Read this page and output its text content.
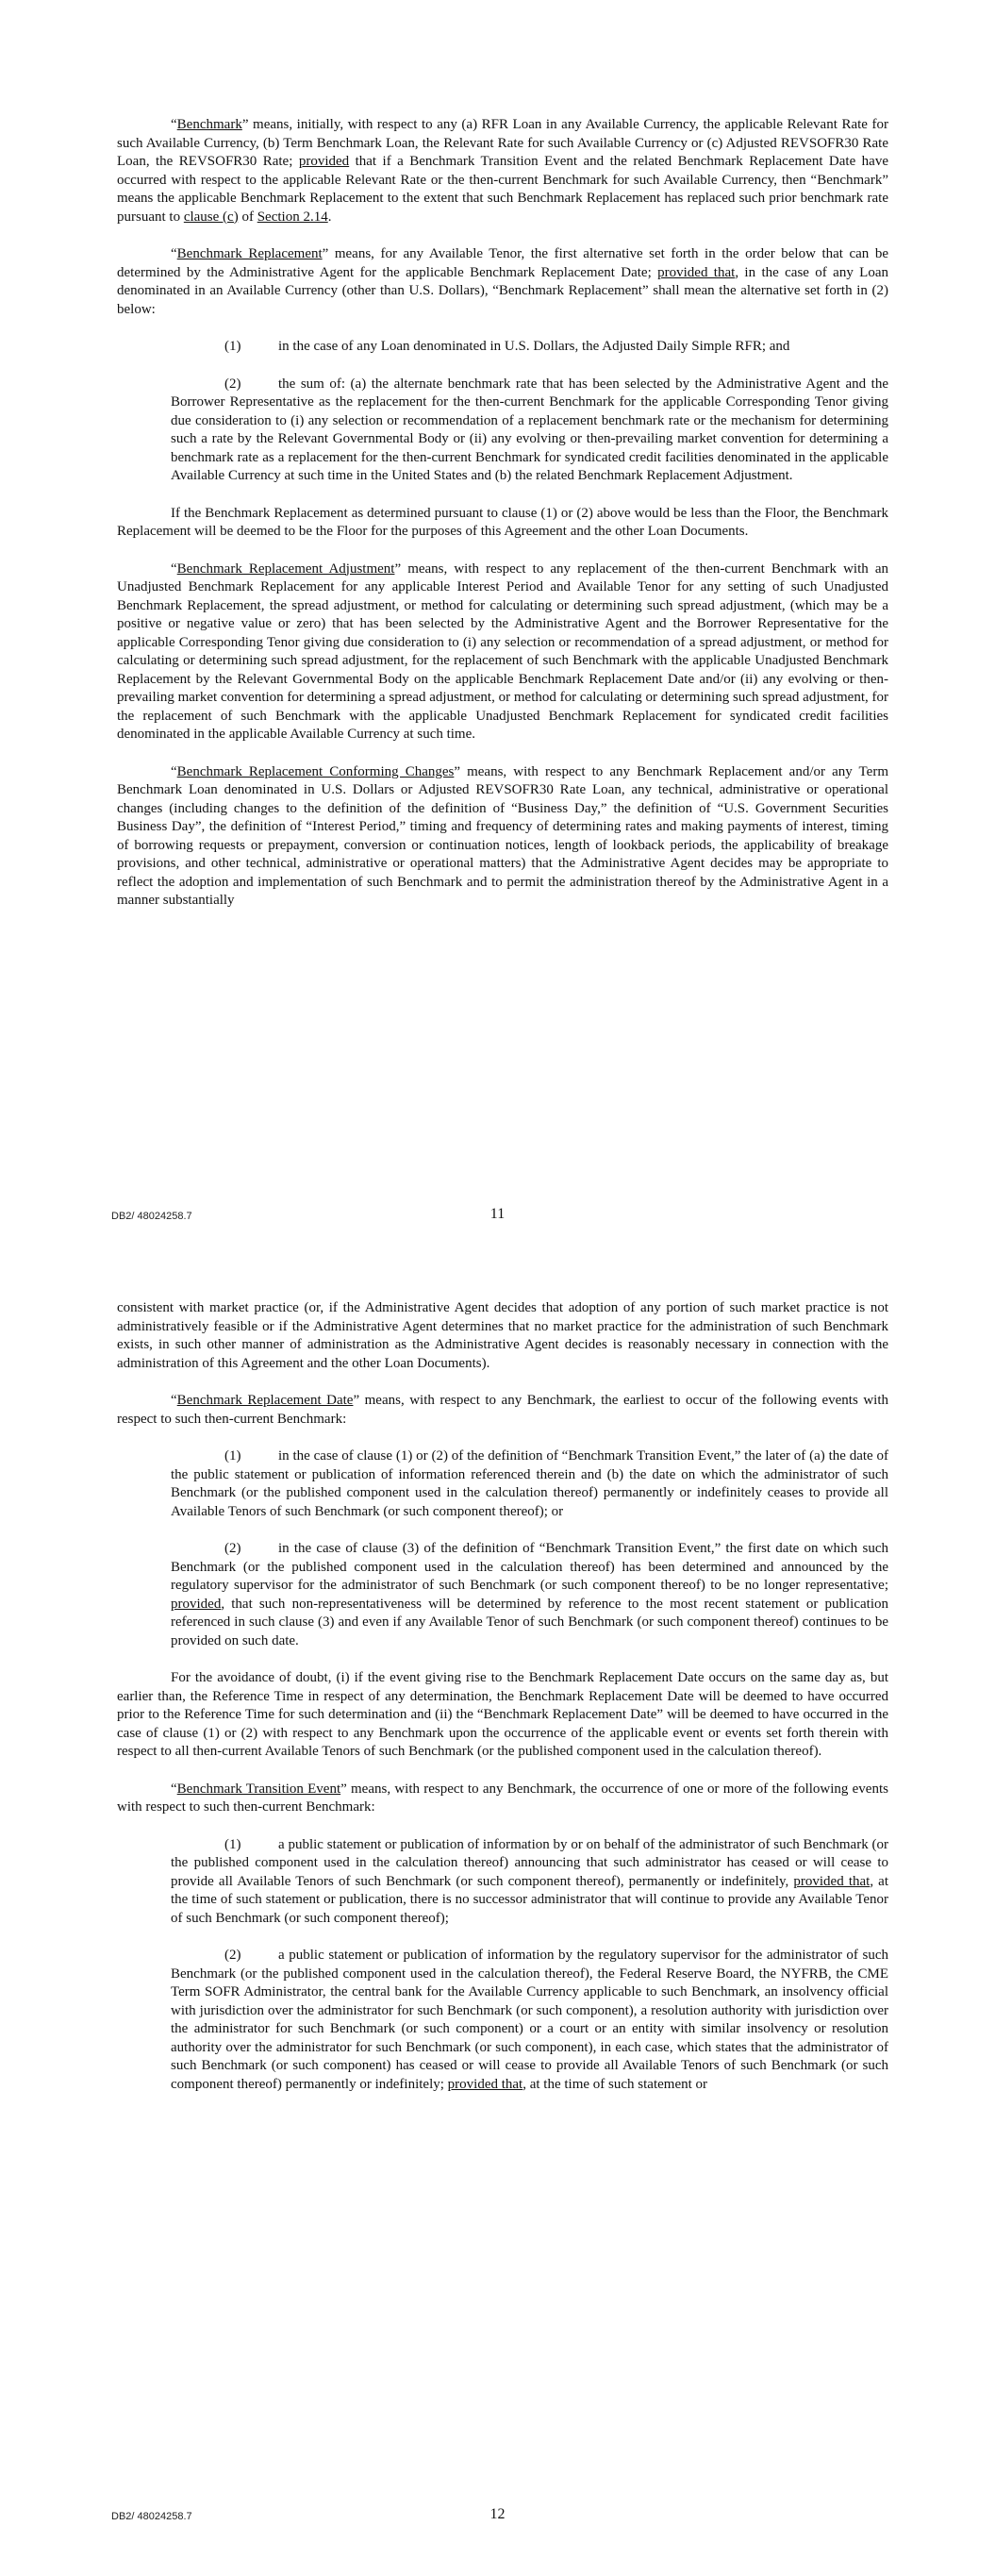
“Benchmark” means, initially, with respect to any (a) RFR Loan in any Available Currency, the applicable Relevant Rate for such Available Currency, (b) Term Benchmark Loan, the Relevant Rate for such Available Currency or (c) Adjusted REVSOFR30 Rate Loan, the REVSOFR30 Rate; provided that if a Benchmark Transition Event and the related Benchmark Replacement Date have occurred with respect to the applicable Relevant Rate or the then-current Benchmark for such Available Currency, then “Benchmark” means the applicable Benchmark Replacement to the extent that such Benchmark Replacement has replaced such prior benchmark rate pursuant to clause (c) of Section 2.14.

“Benchmark Replacement” means, for any Available Tenor, the first alternative set forth in the order below that can be determined by the Administrative Agent for the applicable Benchmark Replacement Date; provided that, in the case of any Loan denominated in an Available Currency (other than U.S. Dollars), “Benchmark Replacement” shall mean the alternative set forth in (2) below:

(1)	in the case of any Loan denominated in U.S. Dollars, the Adjusted Daily Simple RFR; and

(2)	the sum of: (a) the alternate benchmark rate that has been selected by the Administrative Agent and the Borrower Representative as the replacement for the then-current Benchmark for the applicable Corresponding Tenor giving due consideration to (i) any selection or recommendation of a replacement benchmark rate or the mechanism for determining such a rate by the Relevant Governmental Body or (ii) any evolving or then-prevailing market convention for determining a benchmark rate as a replacement for the then-current Benchmark for syndicated credit facilities denominated in the applicable Available Currency at such time in the United States and (b) the related Benchmark Replacement Adjustment.

If the Benchmark Replacement as determined pursuant to clause (1) or (2) above would be less than the Floor, the Benchmark Replacement will be deemed to be the Floor for the purposes of this Agreement and the other Loan Documents.

“Benchmark Replacement Adjustment” means, with respect to any replacement of the then-current Benchmark with an Unadjusted Benchmark Replacement for any applicable Interest Period and Available Tenor for any setting of such Unadjusted Benchmark Replacement, the spread adjustment, or method for calculating or determining such spread adjustment, (which may be a positive or negative value or zero) that has been selected by the Administrative Agent and the Borrower Representative for the applicable Corresponding Tenor giving due consideration to (i) any selection or recommendation of a spread adjustment, or method for calculating or determining such spread adjustment, for the replacement of such Benchmark with the applicable Unadjusted Benchmark Replacement by the Relevant Governmental Body on the applicable Benchmark Replacement Date and/or (ii) any evolving or then-prevailing market convention for determining a spread adjustment, or method for calculating or determining such spread adjustment, for the replacement of such Benchmark with the applicable Unadjusted Benchmark Replacement for syndicated credit facilities denominated in the applicable Available Currency at such time.

“Benchmark Replacement Conforming Changes” means, with respect to any Benchmark Replacement and/or any Term Benchmark Loan denominated in U.S. Dollars or Adjusted REVSOFR30 Rate Loan, any technical, administrative or operational changes (including changes to the definition of the definition of “Business Day,” the definition of “U.S. Government Securities Business Day”, the definition of “Interest Period,” timing and frequency of determining rates and making payments of interest, timing of borrowing requests or prepayment, conversion or continuation notices, length of lookback periods, the applicability of breakage provisions, and other technical, administrative or operational matters) that the Administrative Agent decides may be appropriate to reflect the adoption and implementation of such Benchmark and to permit the administration thereof by the Administrative Agent in a manner substantially

DB2/ 48024258.7	11

consistent with market practice (or, if the Administrative Agent decides that adoption of any portion of such market practice is not administratively feasible or if the Administrative Agent determines that no market practice for the administration of such Benchmark exists, in such other manner of administration as the Administrative Agent decides is reasonably necessary in connection with the administration of this Agreement and the other Loan Documents).

“Benchmark Replacement Date” means, with respect to any Benchmark, the earliest to occur of the following events with respect to such then-current Benchmark:

(1)	in the case of clause (1) or (2) of the definition of “Benchmark Transition Event,” the later of (a) the date of the public statement or publication of information referenced therein and (b) the date on which the administrator of such Benchmark (or the published component used in the calculation thereof) permanently or indefinitely ceases to provide all Available Tenors of such Benchmark (or such component thereof); or

(2)	in the case of clause (3) of the definition of “Benchmark Transition Event,” the first date on which such Benchmark (or the published component used in the calculation thereof) has been determined and announced by the regulatory supervisor for the administrator of such Benchmark (or such component thereof) to be no longer representative; provided, that such non-representativeness will be determined by reference to the most recent statement or publication referenced in such clause (3) and even if any Available Tenor of such Benchmark (or such component thereof) continues to be provided on such date.

For the avoidance of doubt, (i) if the event giving rise to the Benchmark Replacement Date occurs on the same day as, but earlier than, the Reference Time in respect of any determination, the Benchmark Replacement Date will be deemed to have occurred prior to the Reference Time for such determination and (ii) the “Benchmark Replacement Date” will be deemed to have occurred in the case of clause (1) or (2) with respect to any Benchmark upon the occurrence of the applicable event or events set forth therein with respect to all then-current Available Tenors of such Benchmark (or the published component used in the calculation thereof).

“Benchmark Transition Event” means, with respect to any Benchmark, the occurrence of one or more of the following events with respect to such then-current Benchmark:

(1)	a public statement or publication of information by or on behalf of the administrator of such Benchmark (or the published component used in the calculation thereof) announcing that such administrator has ceased or will cease to provide all Available Tenors of such Benchmark (or such component thereof), permanently or indefinitely, provided that, at the time of such statement or publication, there is no successor administrator that will continue to provide any Available Tenor of such Benchmark (or such component thereof);

(2)	a public statement or publication of information by the regulatory supervisor for the administrator of such Benchmark (or the published component used in the calculation thereof), the Federal Reserve Board, the NYFRB, the CME Term SOFR Administrator, the central bank for the Available Currency applicable to such Benchmark, an insolvency official with jurisdiction over the administrator for such Benchmark (or such component), a resolution authority with jurisdiction over the administrator for such Benchmark (or such component) or a court or an entity with similar insolvency or resolution authority over the administrator for such Benchmark (or such component), in each case, which states that the administrator of such Benchmark (or such component) has ceased or will cease to provide all Available Tenors of such Benchmark (or such component thereof) permanently or indefinitely; provided that, at the time of such statement or

DB2/ 48024258.7	12
